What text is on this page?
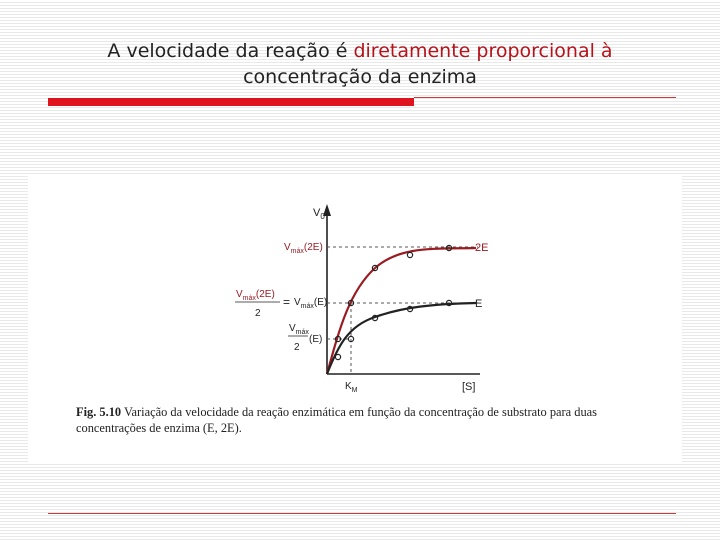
A velocidade da reação é diretamente proporcional à
concentração da enzima
$V_0$
[S]
$K_M$
$V_{máx}(2E)$
$V_{máx}(E)$
$V_{máx}$
2
(E)
$V_{máx}(2E)$
2
=
2E
E
Fig. 5.10 Variação da velocidade da reação enzimática em função da concentração de substrato para duas concentrações de enzima (E, 2E).
